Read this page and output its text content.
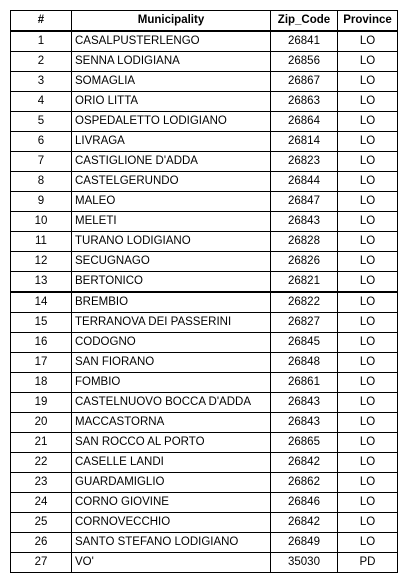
#	Municipality	Zip_Code	Province
1	CASALPUSTERLENGO	26841	LO
2	SENNA LODIGIANA	26856	LO
3	SOMAGLIA	26867	LO
4	ORIO LITTA	26863	LO
5	OSPEDALETTO LODIGIANO	26864	LO
6	LIVRAGA	26814	LO
7	CASTIGLIONE D'ADDA	26823	LO
8	CASTELGERUNDO	26844	LO
9	MALEO	26847	LO
10	MELETI	26843	LO
11	TURANO LODIGIANO	26828	LO
12	SECUGNAGO	26826	LO
13	BERTONICO	26821	LO
14	BREMBIO	26822	LO
15	TERRANOVA DEI PASSERINI	26827	LO
16	CODOGNO	26845	LO
17	SAN FIORANO	26848	LO
18	FOMBIO	26861	LO
19	CASTELNUOVO BOCCA D'ADDA	26843	LO
20	MACCASTORNA	26843	LO
21	SAN ROCCO AL PORTO	26865	LO
22	CASELLE LANDI	26842	LO
23	GUARDAMIGLIO	26862	LO
24	CORNO GIOVINE	26846	LO
25	CORNOVECCHIO	26842	LO
26	SANTO STEFANO LODIGIANO	26849	LO
27	VO'	35030	PD
